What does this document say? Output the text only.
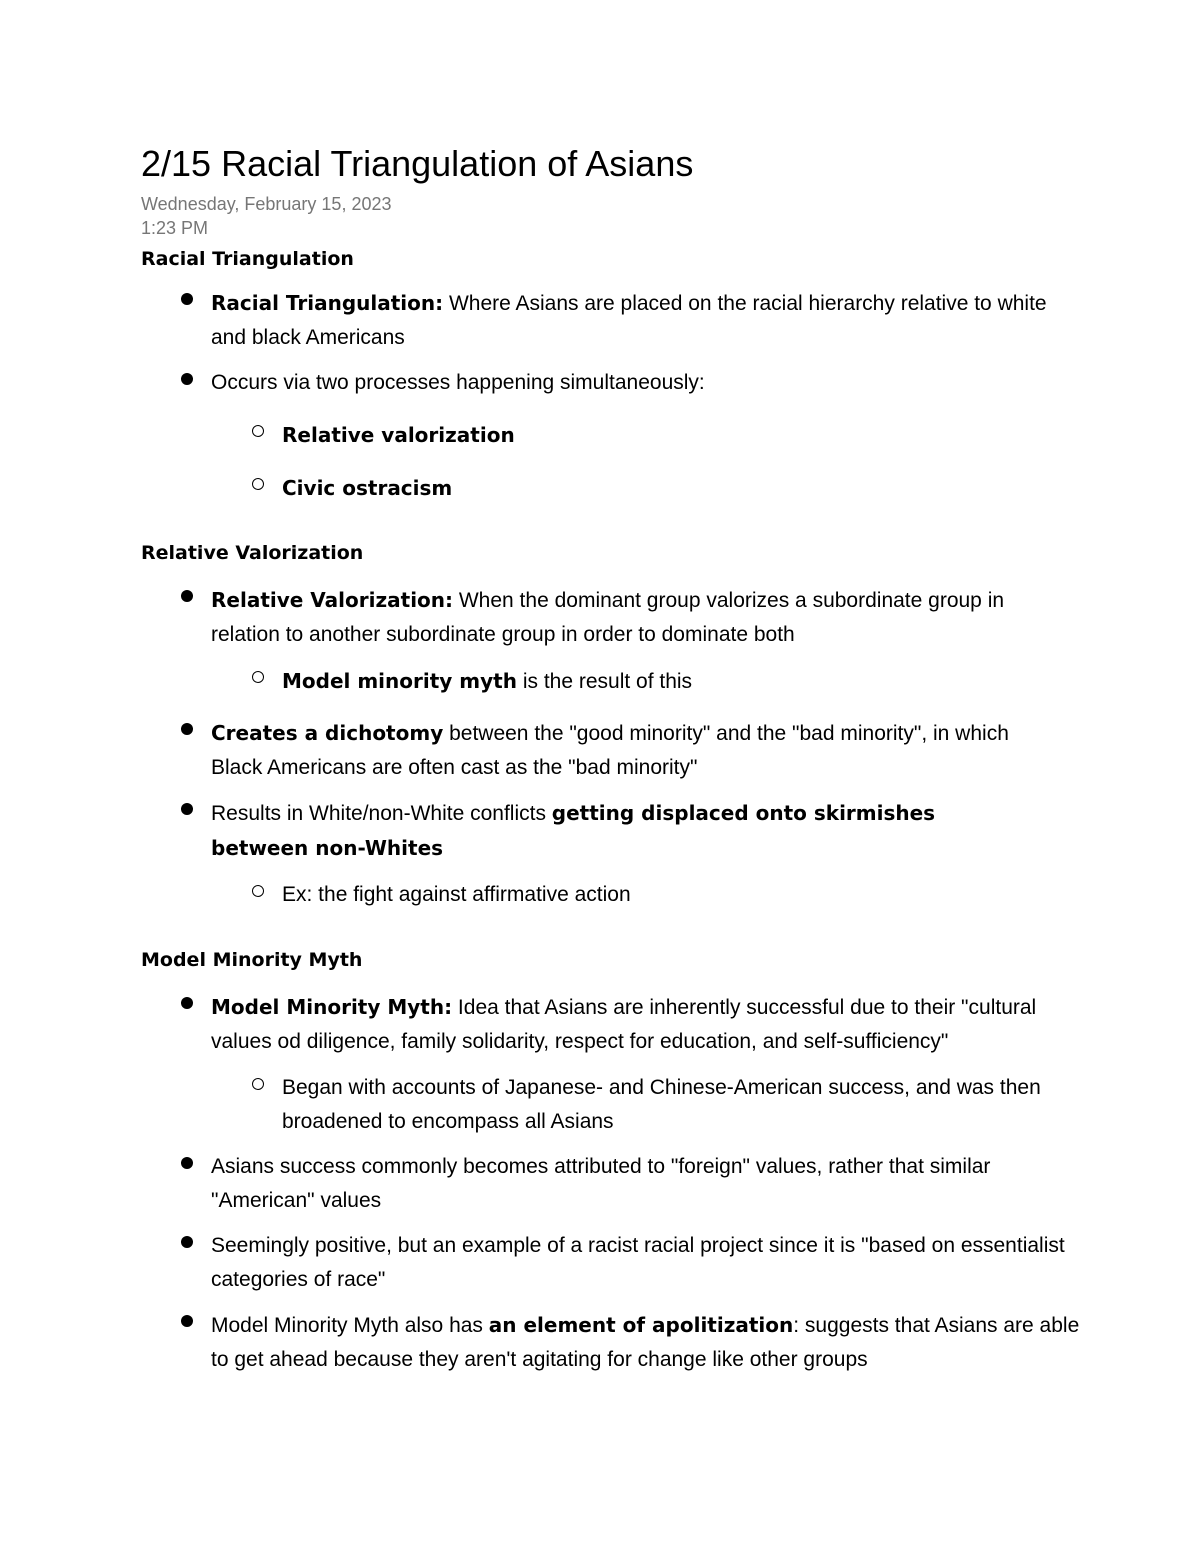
2/15 Racial Triangulation of Asians

Wednesday, February 15, 2023

1:23 PM

Racial Triangulation
Racial Triangulation: Where Asians are placed on the racial hierarchy relative to white and black Americans
Occurs via two processes happening simultaneously:
Relative valorization
Civic ostracism
Relative Valorization
Relative Valorization: When the dominant group valorizes a subordinate group in relation to another subordinate group in order to dominate both
Model minority myth is the result of this
Creates a dichotomy between the "good minority" and the "bad minority", in which Black Americans are often cast as the "bad minority"
Results in White/non-White conflicts getting displaced onto skirmishes between non-Whites
Ex: the fight against affirmative action
Model Minority Myth
Model Minority Myth: Idea that Asians are inherently successful due to their "cultural values od diligence, family solidarity, respect for education, and self-sufficiency"
Began with accounts of Japanese- and Chinese-American success, and was then broadened to encompass all Asians
Asians success commonly becomes attributed to "foreign" values, rather that similar "American" values
Seemingly positive, but an example of a racist racial project since it is "based on essentialist categories of race"
Model Minority Myth also has an element of apolitization: suggests that Asians are able to get ahead because they aren't agitating for change like other groups
